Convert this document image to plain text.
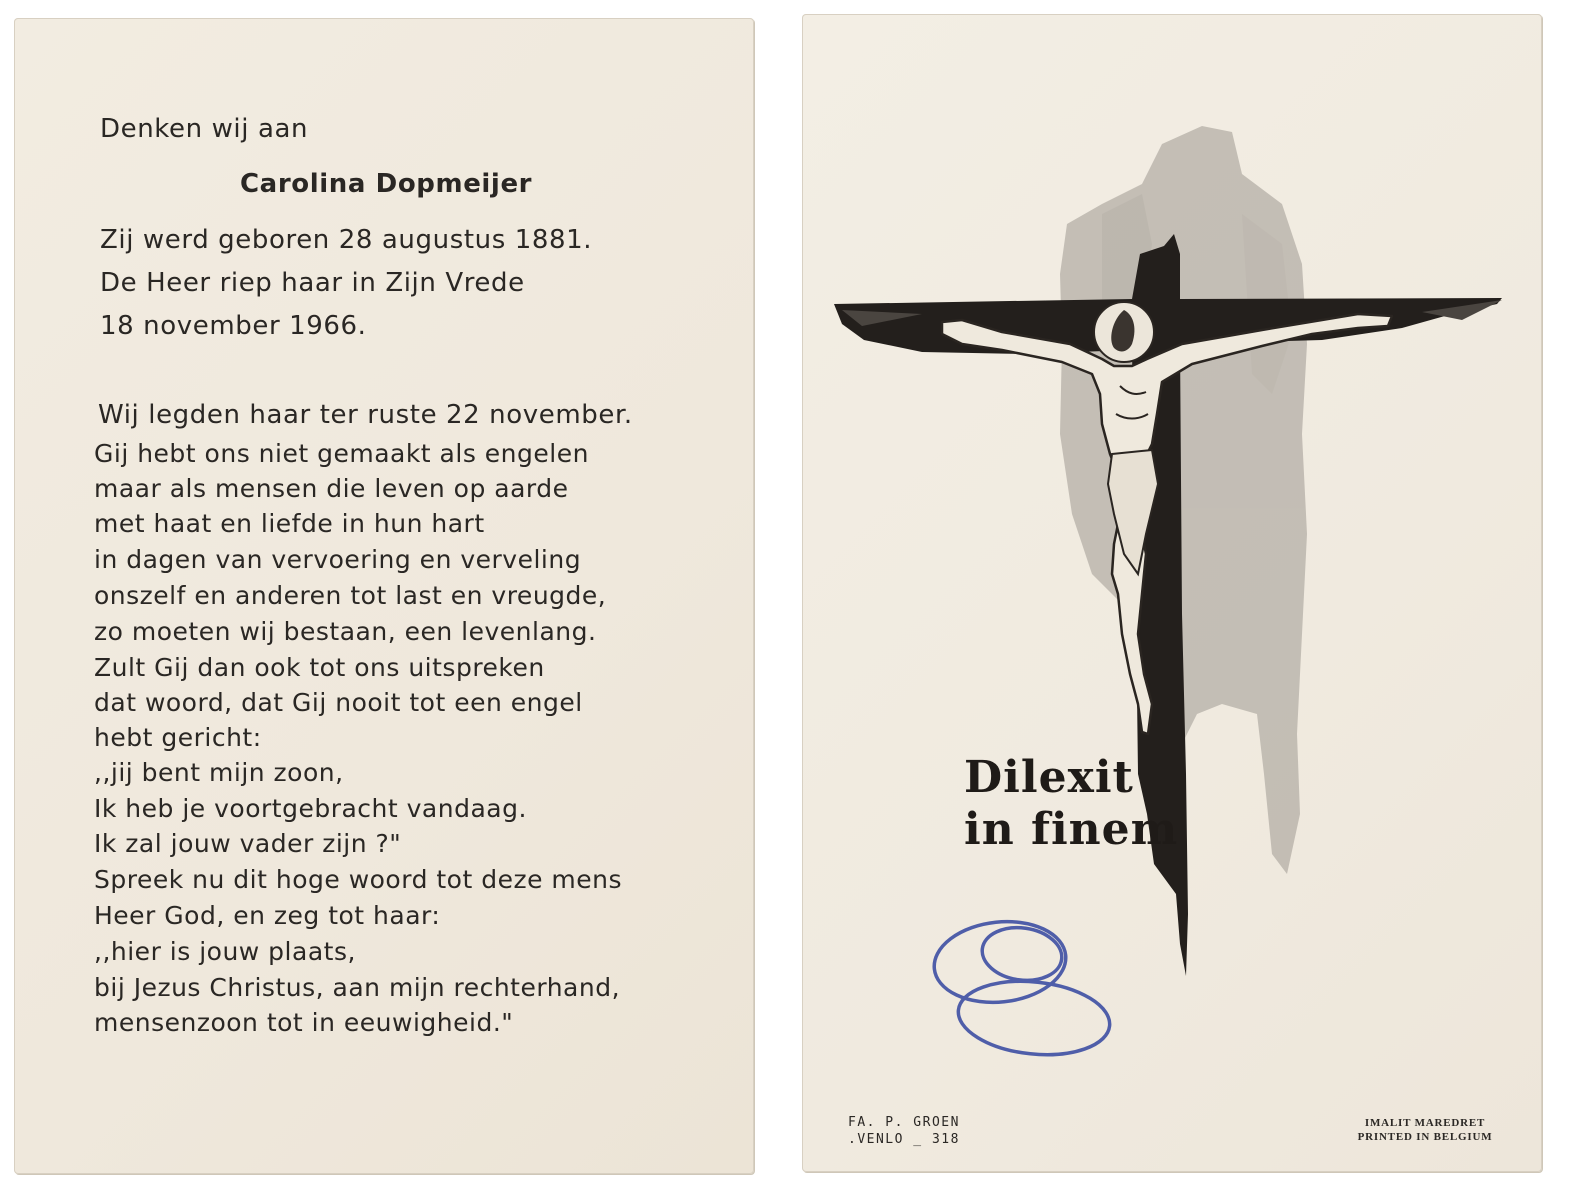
Denken wij aan
Carolina Dopmeijer
Zij werd geboren 28 augustus 1881.
De Heer riep haar in Zijn Vrede
18 november 1966.
Wij legden haar ter ruste 22 november.
Gij hebt ons niet gemaakt als engelen
maar als mensen die leven op aarde
met haat en liefde in hun hart
in dagen van vervoering en verveling
onszelf en anderen tot last en vreugde,
zo moeten wij bestaan, een levenlang.
Zult Gij dan ook tot ons uitspreken
dat woord, dat Gij nooit tot een engel
hebt gericht:
,,jij bent mijn zoon,
Ik heb je voortgebracht vandaag.
Ik zal jouw vader zijn ?"
Spreek nu dit hoge woord tot deze mens
Heer God, en zeg tot haar:
,,hier is jouw plaats,
bij Jezus Christus, aan mijn rechterhand,
mensenzoon tot in eeuwigheid."
Dilexit in finem
FA. P. GROEN
.VENLO _ 318
IMALIT MAREDRET
PRINTED IN BELGIUM
